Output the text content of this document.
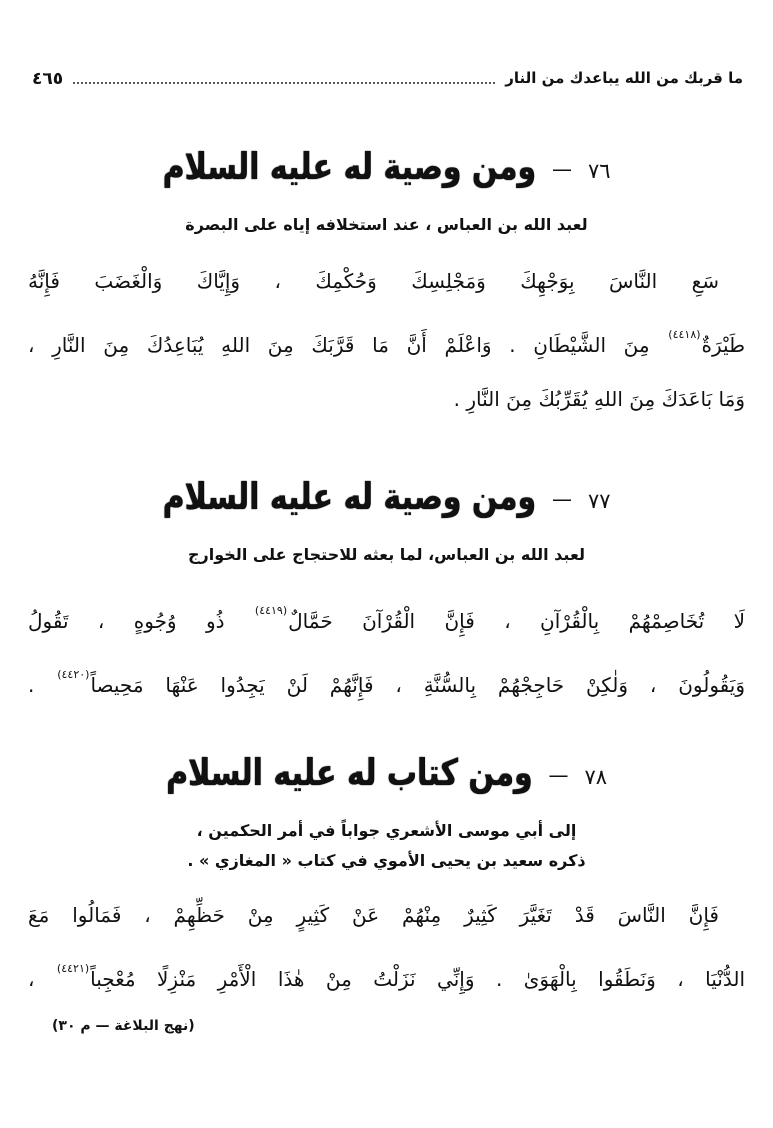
ما قربك من الله يباعدك من النار
٤٦٥
٧٦
—
ومن وصية له عليه السلام
لعبد الله بن العباس ، عند استخلافه إياه على البصرة

سَعِ النَّاسَ بِوَجْهِكَ وَمَجْلِسِكَ وَحُكْمِكَ ، وَإِيَّاكَ وَالْغَضَبَ فَإِنَّهُ

طَيْرَةٌ$^{(٤٤١٨)}$ مِنَ الشَّيْطَانِ . وَاعْلَمْ أَنَّ مَا قَرَّبَكَ مِنَ اللهِ يُبَاعِدُكَ مِنَ النَّارِ ،

وَمَا بَاعَدَكَ مِنَ اللهِ يُقَرِّبُكَ مِنَ النَّارِ .

٧٧
—
ومن وصية له عليه السلام
لعبد الله بن العباس، لما بعثه للاحتجاج على الخوارج

لَا تُخَاصِمْهُمْ بِالْقُرْآنِ ، فَإِنَّ الْقُرْآنَ حَمَّالٌ$^{(٤٤١٩)}$ ذُو وُجُوهٍ ، تَقُولُ

وَيَقُولُونَ ، وَلٰكِنْ حَاجِجْهُمْ بِالسُّنَّةِ ، فَإِنَّهُمْ لَنْ يَجِدُوا عَنْهَا مَحِيصاً$^{(٤٤٢٠)}$ .

٧٨
—
ومن كتاب له عليه السلام
إلى أبي موسى الأشعري جواباً في أمر الحكمين ،
ذكره سعيد بن يحيى الأموي في كتاب « المغازي » .

فَإِنَّ النَّاسَ قَدْ تَغَيَّرَ كَثِيرٌ مِنْهُمْ عَنْ كَثِيرٍ مِنْ حَظِّهِمْ ، فَمَالُوا مَعَ

الدُّنْيَا ، وَنَطَقُوا بِالْهَوَىٰ . وَإِنِّي نَزَلْتُ مِنْ هٰذَا الْأَمْرِ مَنْزِلًا مُعْجِباً$^{(٤٤٢١)}$ ،

(نهج البلاغة — م ٣٠)
